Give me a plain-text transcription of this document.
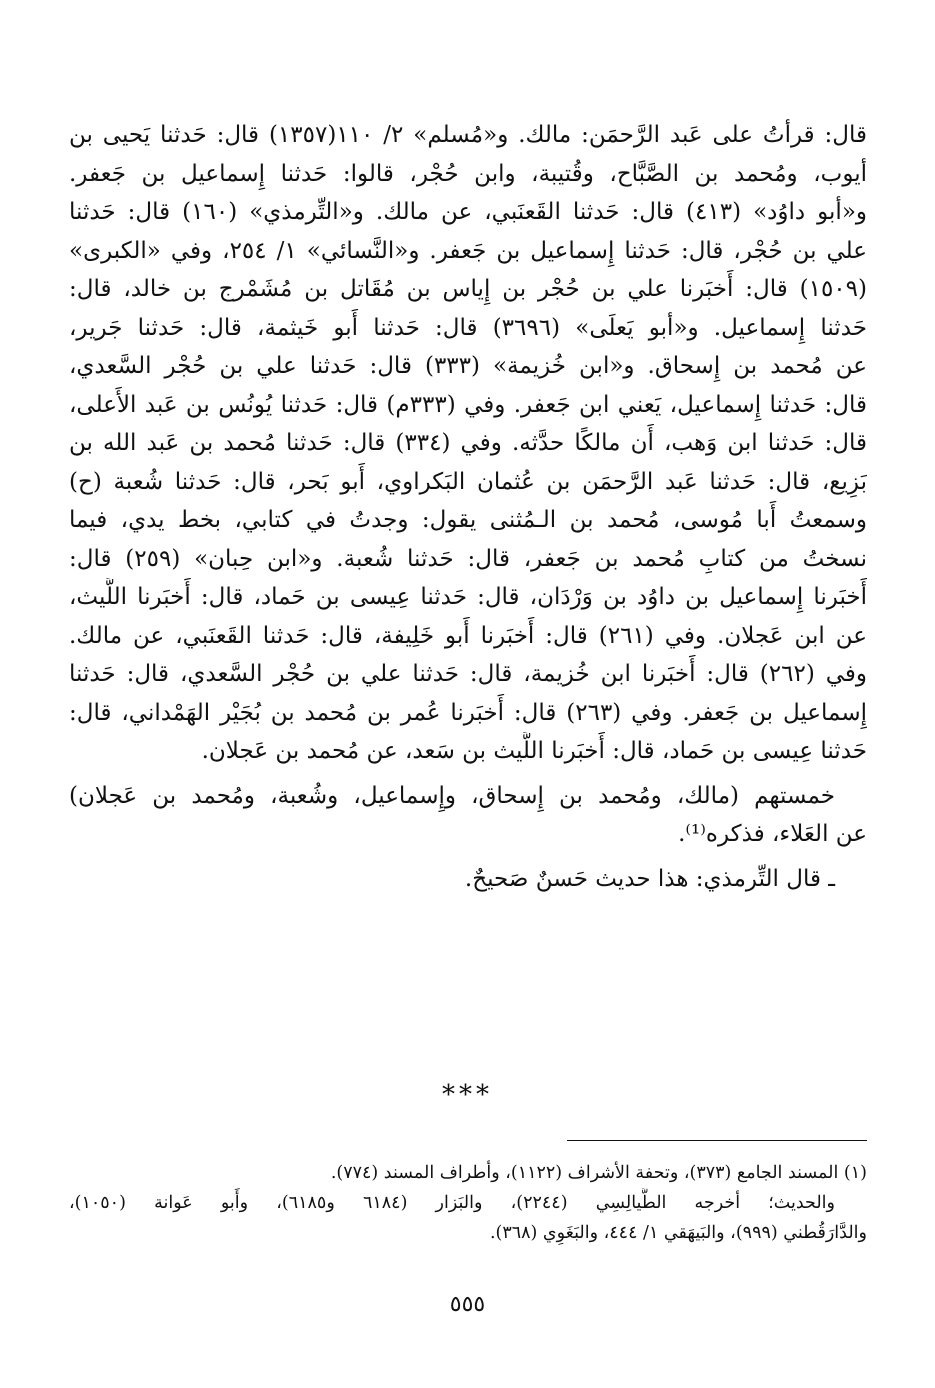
قال: قرأتُ على عَبد الرَّحمَن: مالك. و«مُسلم» ٢/ ١١٠(١٣٥٧) قال: حَدثنا يَحيى بن
أيوب، ومُحمد بن الصَّبَّاح، وقُتيبة، وابن حُجْر، قالوا: حَدثنا إِسماعيل بن جَعفر.
و«أبو داوُد» (٤١٣) قال: حَدثنا القَعنَبي، عن مالك. و«التِّرمذي» (١٦٠) قال: حَدثنا
علي بن حُجْر، قال: حَدثنا إِسماعيل بن جَعفر. و«النَّسائي» ١/ ٢٥٤، وفي «الكبرى»
(١٥٠٩) قال: أَخبَرنا علي بن حُجْر بن إِياس بن مُقَاتل بن مُشَمْرج بن خالد، قال:
حَدثنا إِسماعيل. و«أبو يَعلَى» (٣٦٩٦) قال: حَدثنا أَبو خَيثمة، قال: حَدثنا جَرير،
عن مُحمد بن إِسحاق. و«ابن خُزيمة» (٣٣٣) قال: حَدثنا علي بن حُجْر السَّعدي،
قال: حَدثنا إِسماعيل، يَعني ابن جَعفر. وفي (٣٣٣م) قال: حَدثنا يُونُس بن عَبد الأَعلى،
قال: حَدثنا ابن وَهب، أَن مالكًا حدَّثه. وفي (٣٣٤) قال: حَدثنا مُحمد بن عَبد الله بن
بَزِيع، قال: حَدثنا عَبد الرَّحمَن بن عُثمان البَكراوي، أَبو بَحر، قال: حَدثنا شُعبة (ح)
وسمعتُ أَبا مُوسى، مُحمد بن الـمُثنى يقول: وجدتُ في كتابي، بخط يدي، فيما
نسختُ من كتابِ مُحمد بن جَعفر، قال: حَدثنا شُعبة. و«ابن حِبان» (٢٥٩) قال:
أَخبَرنا إِسماعيل بن داوُد بن وَرْدَان، قال: حَدثنا عِيسى بن حَماد، قال: أَخبَرنا اللَّيث،
عن ابن عَجلان. وفي (٢٦١) قال: أَخبَرنا أَبو خَلِيفة، قال: حَدثنا القَعنَبي، عن مالك.
وفي (٢٦٢) قال: أَخبَرنا ابن خُزيمة، قال: حَدثنا علي بن حُجْر السَّعدي، قال: حَدثنا
إِسماعيل بن جَعفر. وفي (٢٦٣) قال: أَخبَرنا عُمر بن مُحمد بن بُجَيْر الهَمْداني، قال:
حَدثنا عِيسى بن حَماد، قال: أَخبَرنا اللَّيث بن سَعد، عن مُحمد بن عَجلان.
خمستهم (مالك، ومُحمد بن إِسحاق، وإِسماعيل، وشُعبة، ومُحمد بن عَجلان)
عن العَلاء، فذكره⁽¹⁾.
ـ قال التِّرمذي: هذا حديث حَسنٌ صَحيحٌ.
***
(١) المسند الجامع (٣٧٣)، وتحفة الأشراف (١١٢٢)، وأطراف المسند (٧٧٤).
والحديث؛ أخرجه الطَّيالِسِي (٢٢٤٤)، والبَزار (٦١٨٤ و٦١٨٥)، وأَبو عَوانة (١٠٥٠)،
والدَّارَقُطني (٩٩٩)، والبَيهَقي ١/ ٤٤٤، والبَغَوِي (٣٦٨).
٥٥٥
